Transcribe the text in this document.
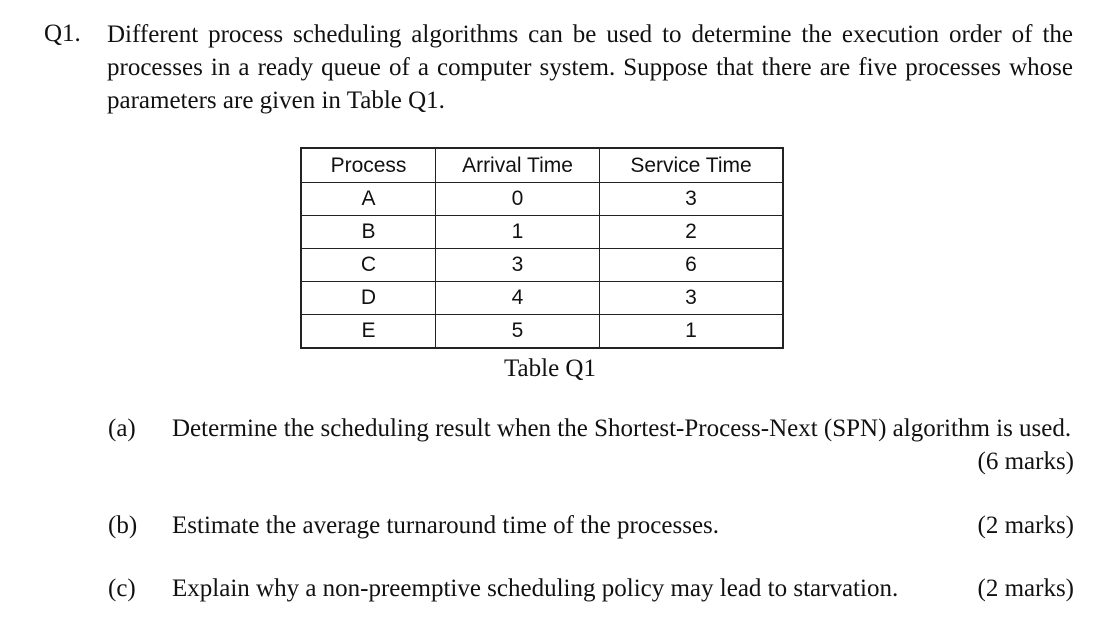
Q1. Different process scheduling algorithms can be used to determine the execution order of the processes in a ready queue of a computer system. Suppose that there are five processes whose parameters are given in Table Q1.
Process	Arrival Time	Service Time
A	0	3
B	1	2
C	3	6
D	4	3
E	5	1
Table Q1
(a) Determine the scheduling result when the Shortest-Process-Next (SPN) algorithm is used.
(6 marks)
(b) Estimate the average turnaround time of the processes.	(2 marks)
(c) Explain why a non-preemptive scheduling policy may lead to starvation.	(2 marks)
